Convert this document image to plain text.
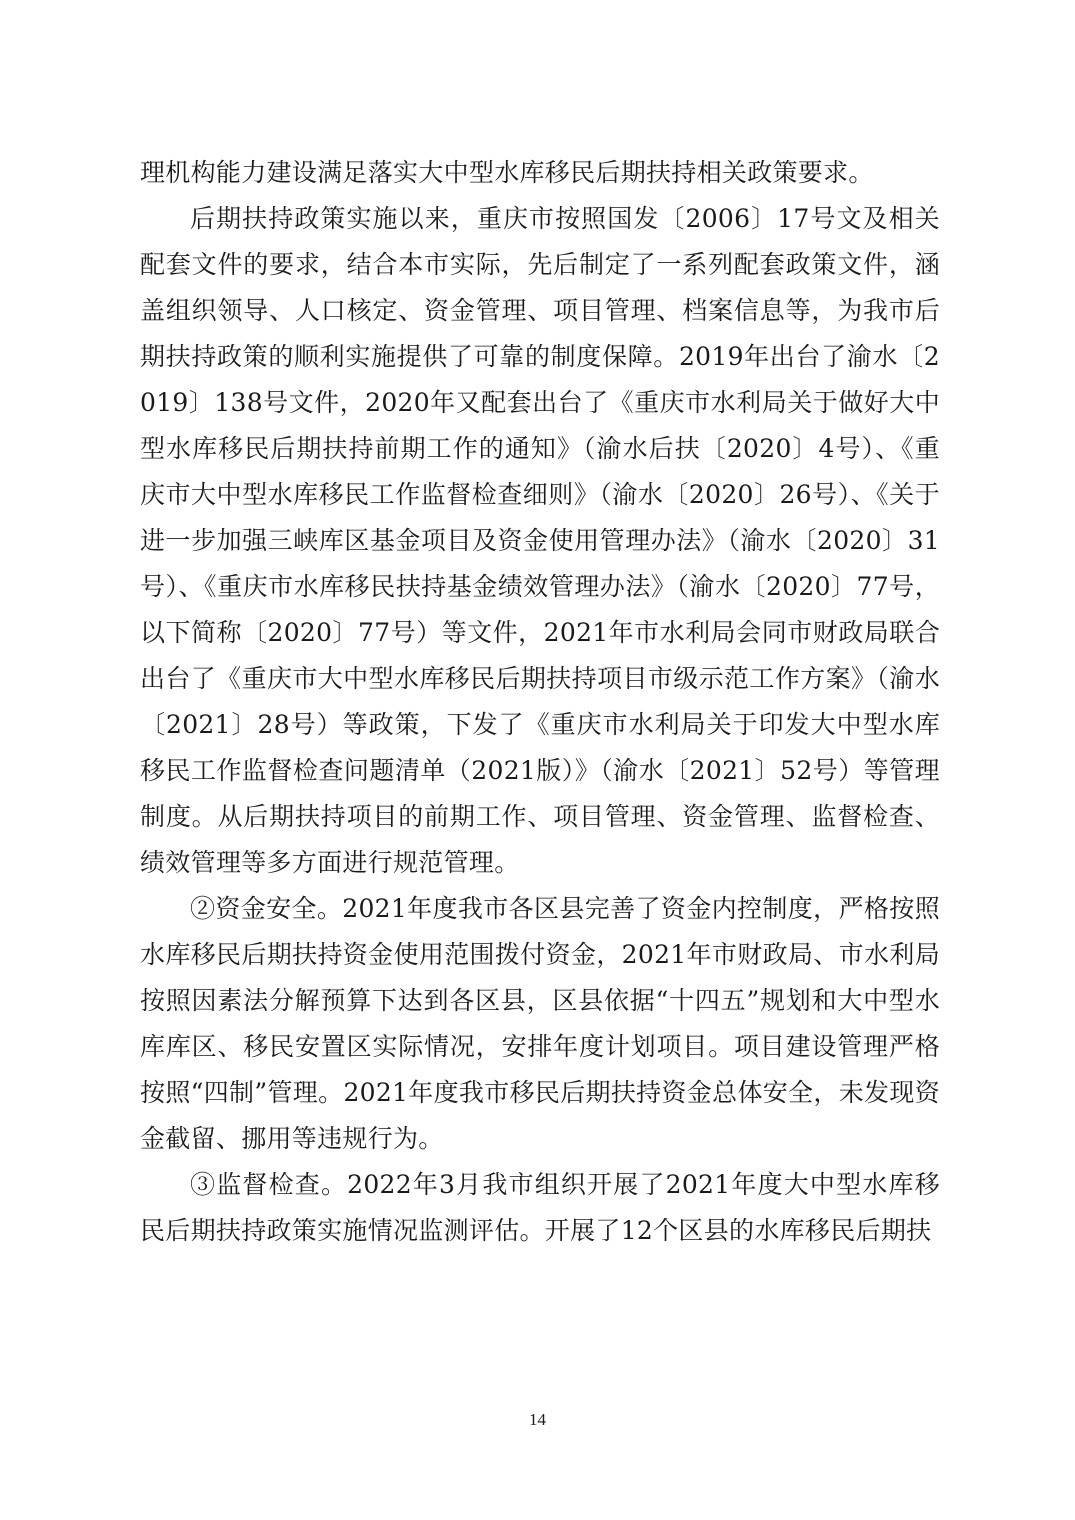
理机构能力建设满足落实大中型水库移民后期扶持相关政策要求。

后期扶持政策实施以来，重庆市按照国发〔2006〕17号文及相关配套文件的要求，结合本市实际，先后制定了一系列配套政策文件，涵盖组织领导、人口核定、资金管理、项目管理、档案信息等，为我市后期扶持政策的顺利实施提供了可靠的制度保障。2019年出台了渝水〔2019〕138号文件，2020年又配套出台了《重庆市水利局关于做好大中型水库移民后期扶持前期工作的通知》（渝水后扶〔2020〕4号）、《重庆市大中型水库移民工作监督检查细则》（渝水〔2020〕26号）、《关于进一步加强三峡库区基金项目及资金使用管理办法》（渝水〔2020〕31号）、《重庆市水库移民扶持基金绩效管理办法》（渝水〔2020〕77号，以下简称〔2020〕77号）等文件，2021年市水利局会同市财政局联合出台了《重庆市大中型水库移民后期扶持项目市级示范工作方案》（渝水〔2021〕28号）等政策，下发了《重庆市水利局关于印发大中型水库移民工作监督检查问题清单（2021版）》（渝水〔2021〕52号）等管理制度。从后期扶持项目的前期工作、项目管理、资金管理、监督检查、绩效管理等多方面进行规范管理。

②资金安全。2021年度我市各区县完善了资金内控制度，严格按照水库移民后期扶持资金使用范围拨付资金，2021年市财政局、市水利局按照因素法分解预算下达到各区县，区县依据“十四五”规划和大中型水库库区、移民安置区实际情况，安排年度计划项目。项目建设管理严格按照“四制”管理。2021年度我市移民后期扶持资金总体安全，未发现资金截留、挪用等违规行为。

③监督检查。2022年3月我市组织开展了2021年度大中型水库移民后期扶持政策实施情况监测评估。开展了12个区县的水库移民后期扶

14
